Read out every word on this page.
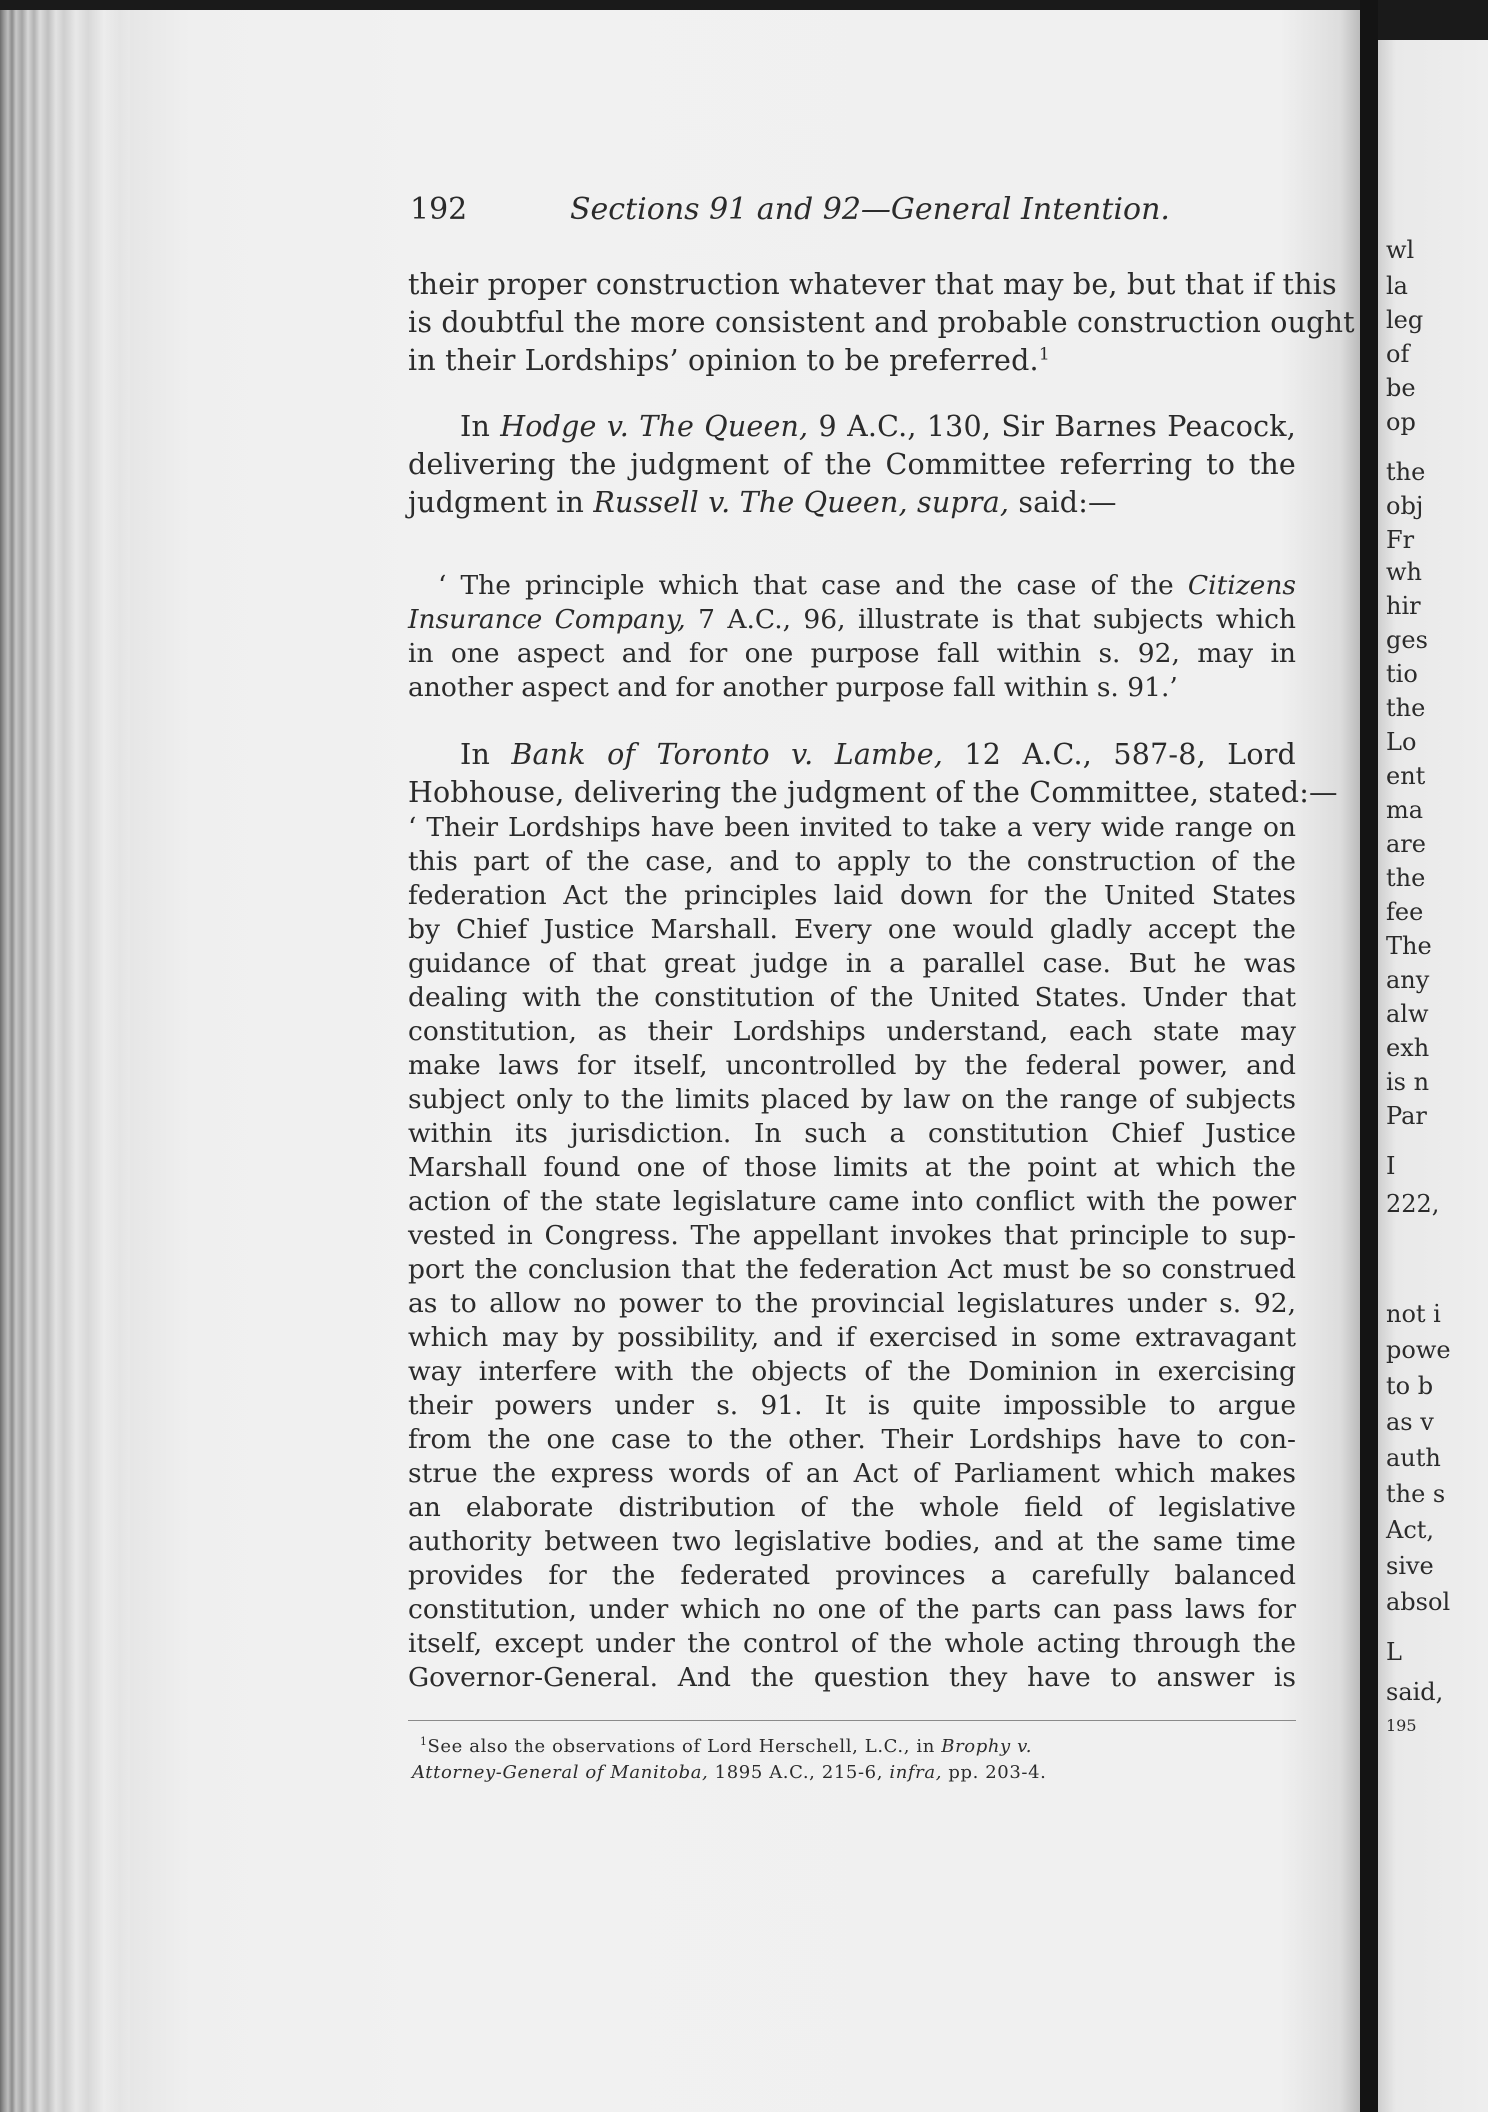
wl
la
leg
of
be
op
the
obj
Fr
wh
hir
ges
tio
the
Lo
ent
ma
are
the
fee
The
any
alw
exh
is n
Par
I
222,
not i
powe
to b
as v
auth
the s
Act,
sive
absol
L
said,
195
192	Sections 91 and 92—General Intention.
their proper construction whatever that may be, but that if this
is doubtful the more consistent and probable construction ought
in their Lordships’ opinion to be preferred.$^1$
In Hodge v. The Queen, 9 A.C., 130, Sir Barnes Peacock,
delivering the judgment of the Committee referring to the
judgment in Russell v. The Queen, supra, said:—
‘ The principle which that case and the case of the Citizens
Insurance Company, 7 A.C., 96, illustrate is that subjects which
in one aspect and for one purpose fall within s. 92, may in
another aspect and for another purpose fall within s. 91.’
In Bank of Toronto v. Lambe, 12 A.C., 587-8, Lord
Hobhouse, delivering the judgment of the Committee, stated:—
‘ Their Lordships have been invited to take a very wide range on
this part of the case, and to apply to the construction of the
federation Act the principles laid down for the United States
by Chief Justice Marshall. Every one would gladly accept the
guidance of that great judge in a parallel case. But he was
dealing with the constitution of the United States. Under that
constitution, as their Lordships understand, each state may
make laws for itself, uncontrolled by the federal power, and
subject only to the limits placed by law on the range of subjects
within its jurisdiction. In such a constitution Chief Justice
Marshall found one of those limits at the point at which the
action of the state legislature came into conflict with the power
vested in Congress. The appellant invokes that principle to sup-
port the conclusion that the federation Act must be so construed
as to allow no power to the provincial legislatures under s. 92,
which may by possibility, and if exercised in some extravagant
way interfere with the objects of the Dominion in exercising
their powers under s. 91. It is quite impossible to argue
from the one case to the other. Their Lordships have to con-
strue the express words of an Act of Parliament which makes
an elaborate distribution of the whole field of legislative
authority between two legislative bodies, and at the same time
provides for the federated provinces a carefully balanced
constitution, under which no one of the parts can pass laws for
itself, except under the control of the whole acting through the
Governor-General. And the question they have to answer is
$^1$See also the observations of Lord Herschell, L.C., in Brophy v.
Attorney-General of Manitoba, 1895 A.C., 215-6, infra, pp. 203-4.
